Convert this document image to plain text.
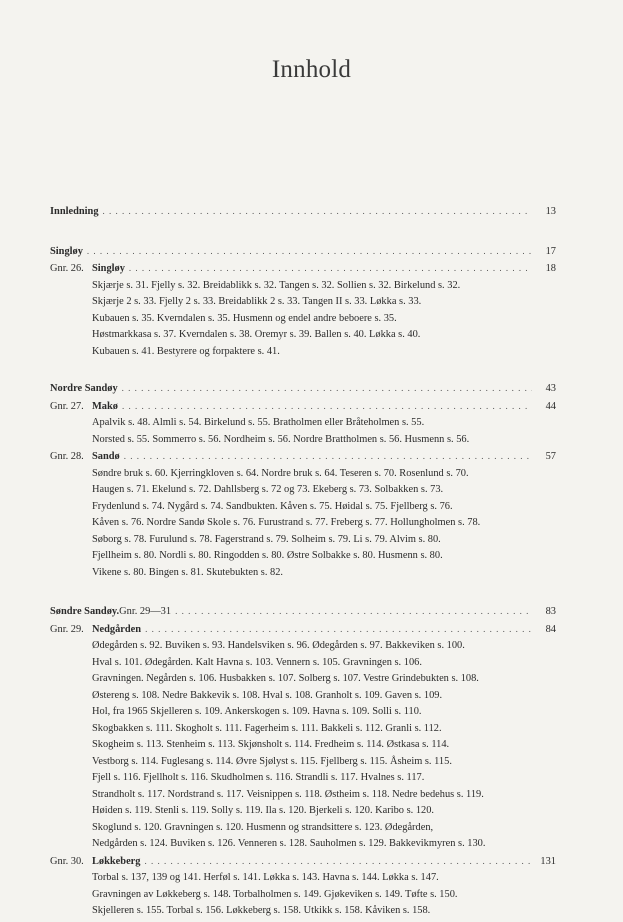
Innhold
Innledning . . .	13
Singløy . . .	17
Gnr. 26. Singløy . . .	18
Skjærje s. 31. Fjelly s. 32. Breidablikk s. 32. Tangen s. 32. Sollien s. 32. Birkelund s. 32.
Skjærje 2 s. 33. Fjelly 2 s. 33. Breidablikk 2 s. 33. Tangen II s. 33. Løkka s. 33.
Kubauen s. 35. Kverndalen s. 35. Husmenn og endel andre beboere s. 35.
Høstmarkkasa s. 37. Kverndalen s. 38. Oremyr s. 39. Ballen s. 40. Løkka s. 40.
Kubauen s. 41. Bestyrere og forpaktere s. 41.
Nordre Sandøy . . .	43
Gnr. 27. Makø . . .	44
Apalvik s. 48. Almli s. 54. Birkelund s. 55. Bratholmen eller Bråteholmen s. 55.
Norsted s. 55. Sommerro s. 56. Nordheim s. 56. Nordre Brattholmen s. 56. Husmenn s. 56.
Gnr. 28. Sandø . . .	57
Søndre bruk s. 60. Kjerringkloven s. 64. Nordre bruk s. 64. Teseren s. 70. Rosenlund s. 70.
Haugen s. 71. Ekelund s. 72. Dahllsberg s. 72 og 73. Ekeberg s. 73. Solbakken s. 73.
Frydenlund s. 74. Nygård s. 74. Sandbukten. Kåven s. 75. Høidal s. 75. Fjellberg s. 76.
Kåven s. 76. Nordre Sandø Skole s. 76. Furustrand s. 77. Freberg s. 77. Hollungholmen s. 78.
Søborg s. 78. Furulund s. 78. Fagerstrand s. 79. Solheim s. 79. Li s. 79. Alvim s. 80.
Fjellheim s. 80. Nordli s. 80. Ringodden s. 80. Østre Solbakke s. 80. Husmenn s. 80.
Vikene s. 80. Bingen s. 81. Skutebukten s. 82.
Søndre Sandøy. Gnr. 29—31 . . .	83
Gnr. 29. Nedgården . . .	84
Ødegården s. 92. Buviken s. 93. Handelsviken s. 96. Ødegården s. 97. Bakkeviken s. 100.
Hval s. 101. Ødegården. Kalt Havna s. 103. Vennern s. 105. Gravningen s. 106.
Gravningen. Negården s. 106. Husbakken s. 107. Solberg s. 107. Vestre Grindebukten s. 108.
Østereng s. 108. Nedre Bakkevik s. 108. Hval s. 108. Granholt s. 109. Gaven s. 109.
Hol, fra 1965 Skjelleren s. 109. Ankerskogen s. 109. Havna s. 109. Solli s. 110.
Skogbakken s. 111. Skogholt s. 111. Fagerheim s. 111. Bakkeli s. 112. Granli s. 112.
Skogheim s. 113. Stenheim s. 113. Skjønsholt s. 114. Fredheim s. 114. Østkasa s. 114.
Vestborg s. 114. Fuglesang s. 114. Øvre Sjølyst s. 115. Fjellberg s. 115. Åsheim s. 115.
Fjell s. 116. Fjellholt s. 116. Skudholmen s. 116. Strandli s. 117. Hvalnes s. 117.
Strandholt s. 117. Nordstrand s. 117. Veisnippen s. 118. Østheim s. 118. Nedre bedehus s. 119.
Høiden s. 119. Stenli s. 119. Solly s. 119. Ila s. 120. Bjerkeli s. 120. Karibo s. 120.
Skoglund s. 120. Gravningen s. 120. Husmenn og strandsittere s. 123. Ødegården,
Nedgården s. 124. Buviken s. 126. Venneren s. 128. Sauholmen s. 129. Bakkevikmyren s. 130.
Gnr. 30. Løkkeberg . . .	131
Torbal s. 137, 139 og 141. Herføl s. 141. Løkka s. 143. Havna s. 144. Løkka s. 147.
Gravningen av Løkkeberg s. 148. Torbalholmen s. 149. Gjøkeviken s. 149. Tøfte s. 150.
Skjelleren s. 155. Torbal s. 156. Løkkeberg s. 158. Utkikk s. 158. Kåviken s. 158.
